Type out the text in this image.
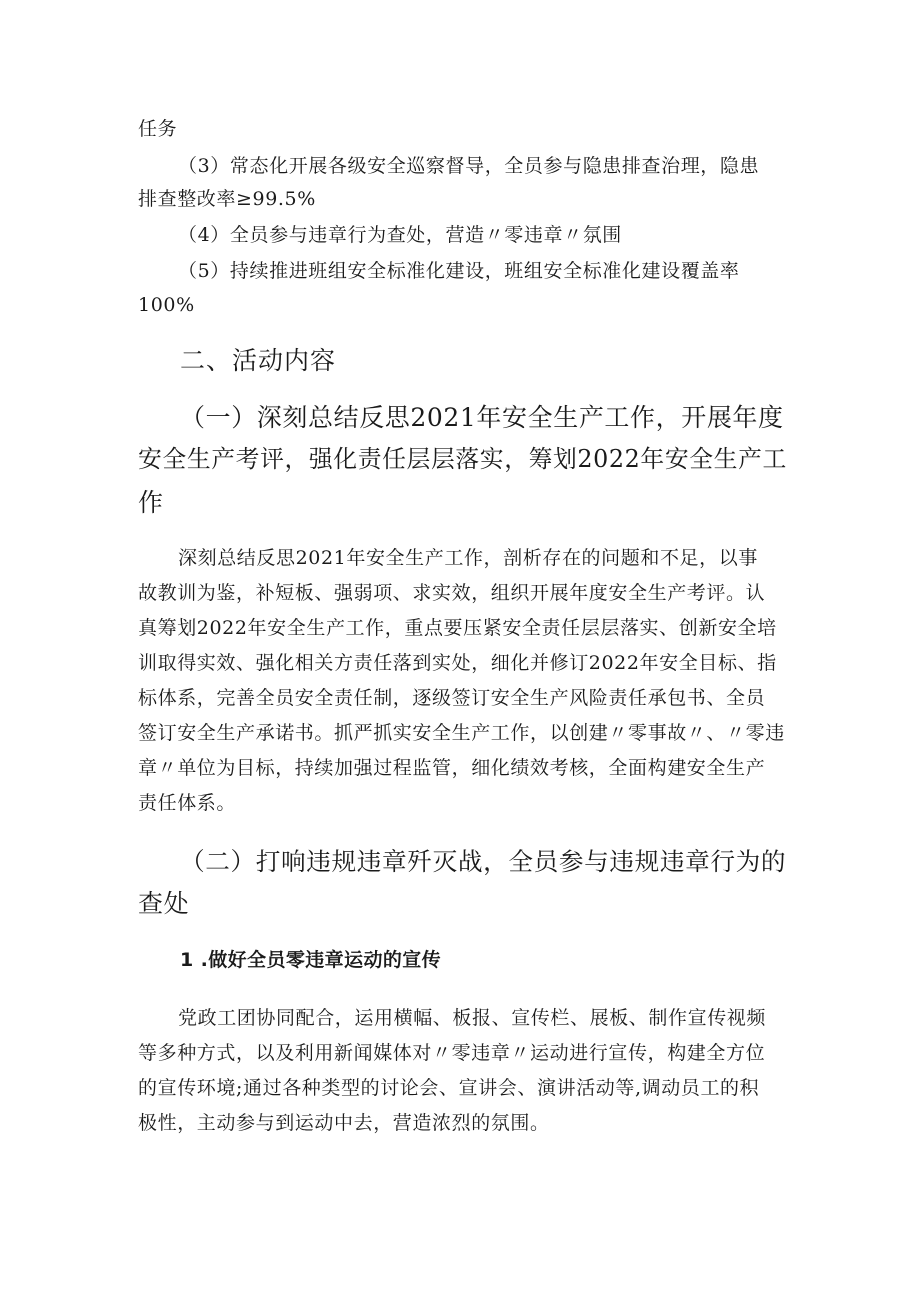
任务
（3）常态化开展各级安全巡察督导，全员参与隐患排查治理，隐患
排查整改率≥99.5%
（4）全员参与违章行为查处，营造〃零违章〃氛围
（5）持续推进班组安全标准化建设，班组安全标准化建设覆盖率
100%
二、活动内容
（一）深刻总结反思2021年安全生产工作，开展年度
安全生产考评，强化责任层层落实，筹划2022年安全生产工
作
深刻总结反思2021年安全生产工作，剖析存在的问题和不足，以事
故教训为鉴，补短板、强弱项、求实效，组织开展年度安全生产考评。认
真筹划2022年安全生产工作，重点要压紧安全责任层层落实、创新安全培
训取得实效、强化相关方责任落到实处，细化并修订2022年安全目标、指
标体系，完善全员安全责任制，逐级签订安全生产风险责任承包书、全员
签订安全生产承诺书。抓严抓实安全生产工作，以创建〃零事故〃、〃零违
章〃单位为目标，持续加强过程监管，细化绩效考核，全面构建安全生产
责任体系。
（二）打响违规违章歼灭战，全员参与违规违章行为的
查处
1 .做好全员零违章运动的宣传
党政工团协同配合，运用横幅、板报、宣传栏、展板、制作宣传视频
等多种方式，以及利用新闻媒体对〃零违章〃运动进行宣传，构建全方位
的宣传环境;通过各种类型的讨论会、宣讲会、演讲活动等,调动员工的积
极性，主动参与到运动中去，营造浓烈的氛围。
